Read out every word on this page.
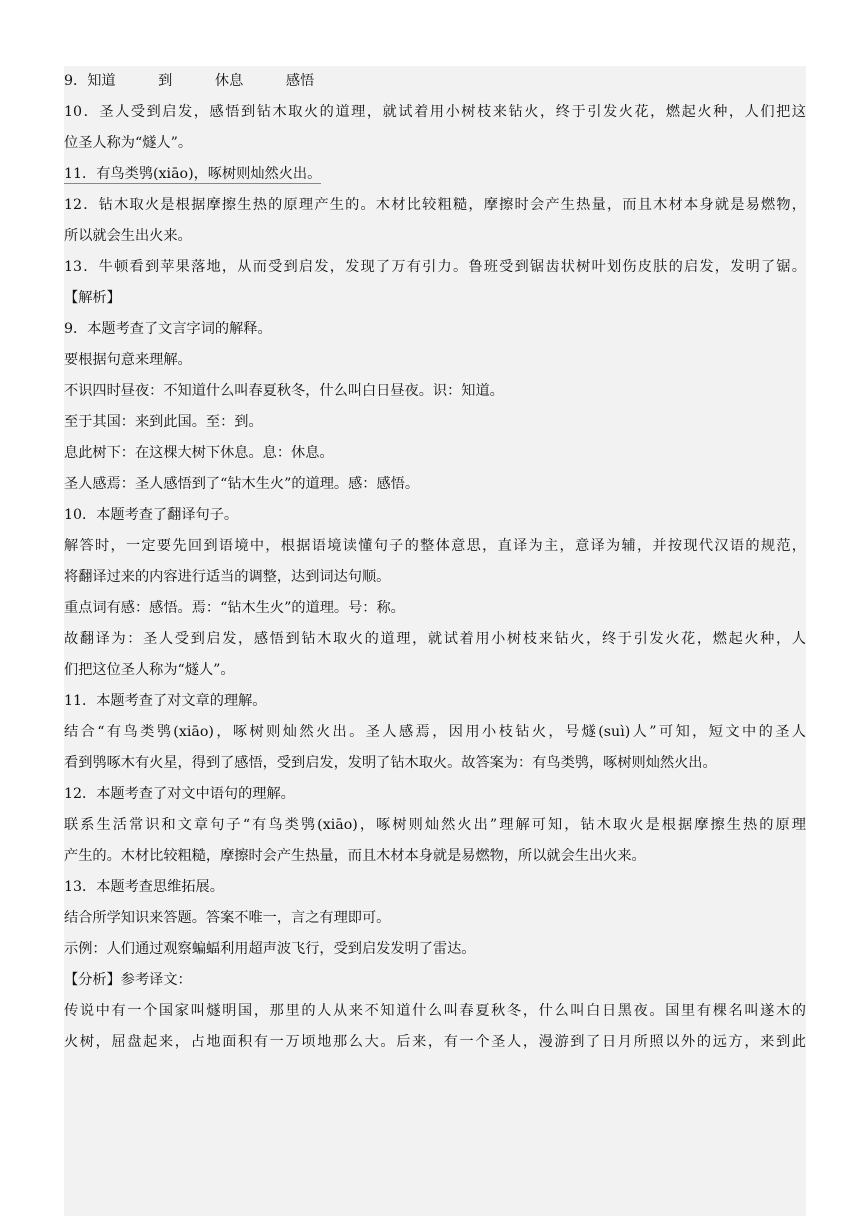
9．知道　　　到　　　休息　　　感悟
10．圣人受到启发，感悟到钻木取火的道理，就试着用小树枝来钻火，终于引发火花，燃起火种，人们把这
位圣人称为“燧人”。
11．有鸟类鸮(xiāo)，啄树则灿然火出。
12．钻木取火是根据摩擦生热的原理产生的。木材比较粗糙，摩擦时会产生热量，而且木材本身就是易燃物，
所以就会生出火来。
13．牛顿看到苹果落地，从而受到启发，发现了万有引力。鲁班受到锯齿状树叶划伤皮肤的启发，发明了锯。
【解析】
9．本题考查了文言字词的解释。
要根据句意来理解。
不识四时昼夜：不知道什么叫春夏秋冬，什么叫白日昼夜。识：知道。
至于其国：来到此国。至：到。
息此树下：在这棵大树下休息。息：休息。
圣人感焉：圣人感悟到了“钻木生火”的道理。感：感悟。
10．本题考查了翻译句子。
解答时，一定要先回到语境中，根据语境读懂句子的整体意思，直译为主，意译为辅，并按现代汉语的规范，
将翻译过来的内容进行适当的调整，达到词达句顺。
重点词有感：感悟。焉：“钻木生火”的道理。号：称。
故翻译为：圣人受到启发，感悟到钻木取火的道理，就试着用小树枝来钻火，终于引发火花，燃起火种，人
们把这位圣人称为“燧人”。
11．本题考查了对文章的理解。
结合“有鸟类鸮(xiāo)，啄树则灿然火出。圣人感焉，因用小枝钻火，号燧(suì)人”可知，短文中的圣人
看到鸮啄木有火星，得到了感悟，受到启发，发明了钻木取火。故答案为：有鸟类鸮，啄树则灿然火出。
12．本题考查了对文中语句的理解。
联系生活常识和文章句子“有鸟类鸮(xiāo)，啄树则灿然火出”理解可知，钻木取火是根据摩擦生热的原理
产生的。木材比较粗糙，摩擦时会产生热量，而且木材本身就是易燃物，所以就会生出火来。
13．本题考查思维拓展。
结合所学知识来答题。答案不唯一，言之有理即可。
示例：人们通过观察蝙蝠利用超声波飞行，受到启发发明了雷达。
【分析】参考译文：
传说中有一个国家叫燧明国，那里的人从来不知道什么叫春夏秋冬，什么叫白日黑夜。国里有棵名叫遂木的
火树，屈盘起来，占地面积有一万顷地那么大。后来，有一个圣人，漫游到了日月所照以外的远方，来到此
